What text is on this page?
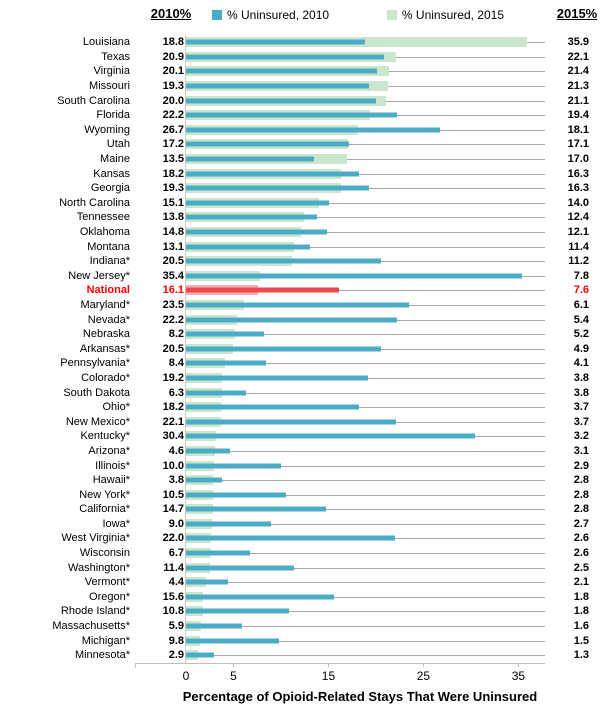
2010%	% Uninsured, 2010	% Uninsured, 2015	2015%
Louisiana	18.8	35.9
Texas	20.9	22.1
Virginia	20.1	21.4
Missouri	19.3	21.3
South Carolina	20.0	21.1
Florida	22.2	19.4
Wyoming	26.7	18.1
Utah	17.2	17.1
Maine	13.5	17.0
Kansas	18.2	16.3
Georgia	19.3	16.3
North Carolina	15.1	14.0
Tennessee	13.8	12.4
Oklahoma	14.8	12.1
Montana	13.1	11.4
Indiana*	20.5	11.2
New Jersey*	35.4	7.8
National	16.1	7.6
Maryland*	23.5	6.1
Nevada*	22.2	5.4
Nebraska	8.2	5.2
Arkansas*	20.5	4.9
Pennsylvania*	8.4	4.1
Colorado*	19.2	3.8
South Dakota	6.3	3.8
Ohio*	18.2	3.7
New Mexico*	22.1	3.7
Kentucky*	30.4	3.2
Arizona*	4.6	3.1
Illinois*	10.0	2.9
Hawaii*	3.8	2.8
New York*	10.5	2.8
California*	14.7	2.8
Iowa*	9.0	2.7
West Virginia*	22.0	2.6
Wisconsin	6.7	2.6
Washington*	11.4	2.5
Vermont*	4.4	2.1
Oregon*	15.6	1.8
Rhode Island*	10.8	1.8
Massachusetts*	5.9	1.6
Michigan*	9.8	1.5
Minnesota*	2.9	1.3
0	5	15	25	35
Percentage of Opioid-Related Stays That Were Uninsured
